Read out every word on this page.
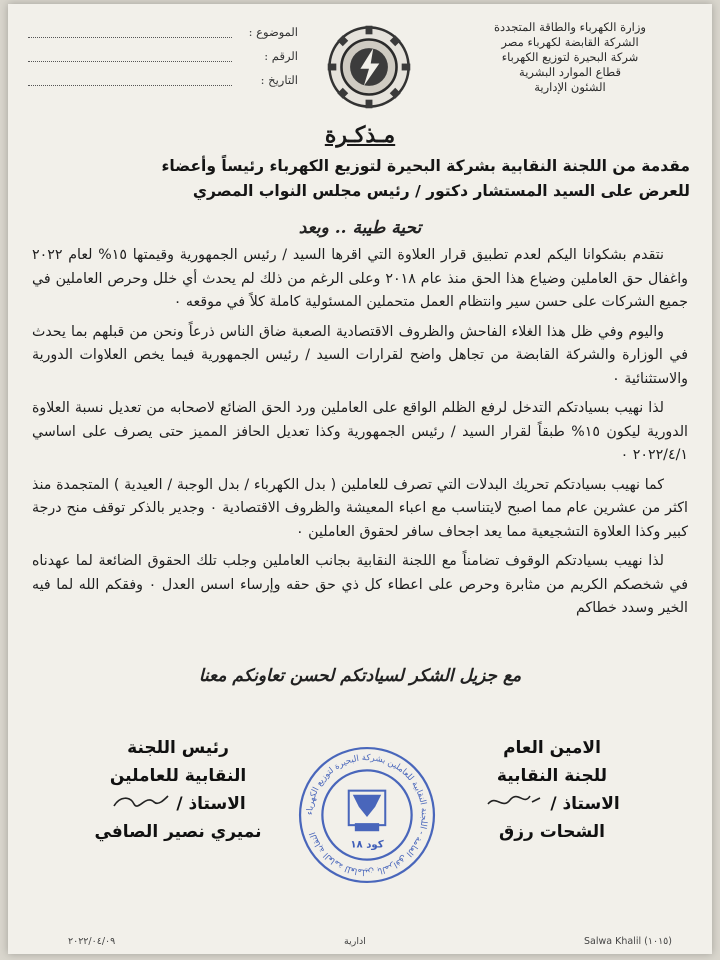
وزارة الكهرباء والطاقة المتجددة
الشركة القابضة لكهرباء مصر
شركة البحيرة لتوزيع الكهرباء
قطاع الموارد البشرية
الشئون الإدارية
الموضوع :
الرقم :
التاريخ :
مـذكـرة
مقدمة من اللجنة النقابية بشركة البحيرة لتوزيع الكهرباء رئيساً وأعضاء
للعرض على السيد المستشار دكتور / رئيس مجلس النواب المصري
تحية طيبة .. وبعد

نتقدم بشكوانا اليكم لعدم تطبيق قرار العلاوة التي اقرها السيد / رئيس الجمهورية وقيمتها ١٥% لعام ٢٠٢٢ واغفال حق العاملين وضياع هذا الحق منذ عام ٢٠١٨ وعلى الرغم من ذلك لم يحدث أي خلل وحرص العاملين في جميع الشركات على حسن سير وانتظام العمل متحملين المسئولية كاملة كلاً في موقعه ٠

واليوم وفي ظل هذا الغلاء الفاحش والظروف الاقتصادية الصعبة ضاق الناس ذرعاً ونحن من قبلهم بما يحدث في الوزارة والشركة القابضة من تجاهل واضح لقرارات السيد / رئيس الجمهورية فيما يخص العلاوات الدورية والاستثنائية ٠

لذا نهيب بسيادتكم التدخل لرفع الظلم الواقع على العاملين ورد الحق الضائع لاصحابه من تعديل نسبة العلاوة الدورية ليكون ١٥% طبقاً لقرار السيد / رئيس الجمهورية وكذا تعديل الحافز المميز حتى يصرف على اساسي ٢٠٢٢/٤/١ ٠

كما نهيب بسيادتكم تحريك البدلات التي تصرف للعاملين ( بدل الكهرباء / بدل الوجبة / العيدية ) المتجمدة منذ اكثر من عشرين عام مما اصبح لايتناسب مع اعباء المعيشة والظروف الاقتصادية ٠ وجدير بالذكر توقف منح درجة كبير وكذا العلاوة التشجيعية مما يعد اجحاف سافر لحقوق العاملين ٠

لذا نهيب بسيادتكم الوقوف تضامناً مع اللجنة النقابية بجانب العاملين وجلب تلك الحقوق الضائعة لما عهدناه في شخصكم الكريم من مثابرة وحرص على اعطاء كل ذي حق حقه وإرساء اسس العدل ٠ وفقكم الله لما فيه الخير وسدد خطاكم

مع جزيل الشكر لسيادتكم لحسن تعاونكم معنا
الامين العام
للجنة النقابية
الاستاذ /
الشحات رزق
رئيس اللجنة
النقابية للعاملين
الاستاذ /
نميري نصير الصافي
النقابة العامة للعاملين بالمرافق العامة - اللجنة النقابية للعاملين بشركة البحيرة لتوزيع الكهرباء
كود ١٨
٢٠٢٢/٠٤/٠٩	ادارية	Salwa Khalil (١٠١٥)
